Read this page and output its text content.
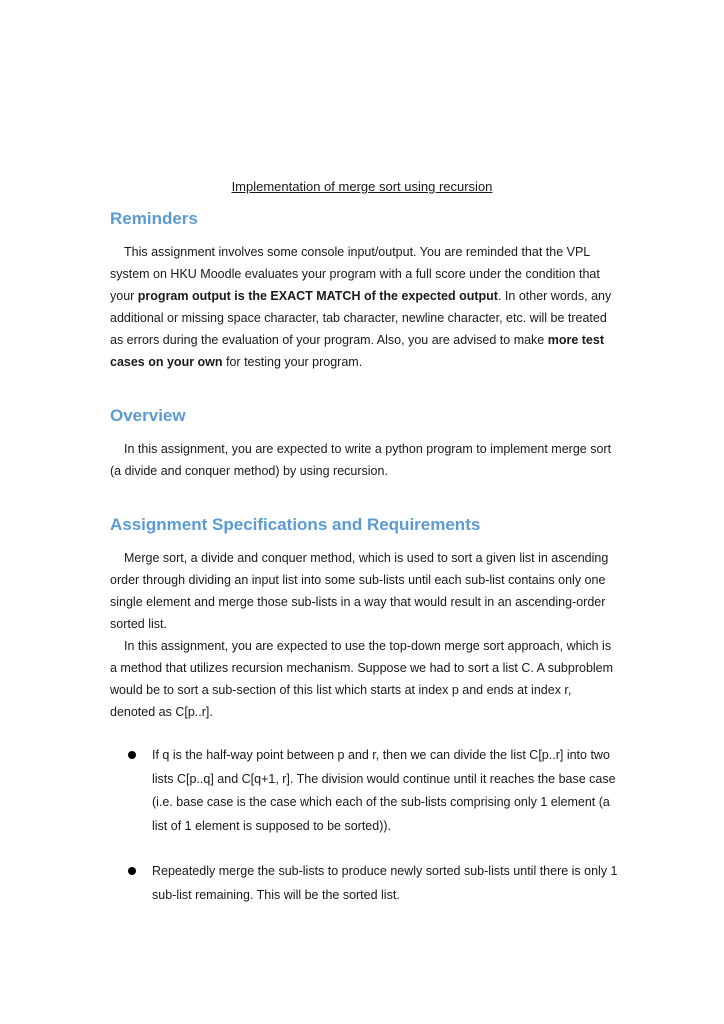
Implementation of merge sort using recursion
Reminders

This assignment involves some console input/output. You are reminded that the VPL system on HKU Moodle evaluates your program with a full score under the condition that your program output is the EXACT MATCH of the expected output. In other words, any additional or missing space character, tab character, newline character, etc. will be treated as errors during the evaluation of your program. Also, you are advised to make more test cases on your own for testing your program.

Overview

In this assignment, you are expected to write a python program to implement merge sort (a divide and conquer method) by using recursion.

Assignment Specifications and Requirements

Merge sort, a divide and conquer method, which is used to sort a given list in ascending order through dividing an input list into some sub-lists until each sub-list contains only one single element and merge those sub-lists in a way that would result in an ascending-order sorted list.

In this assignment, you are expected to use the top-down merge sort approach, which is a method that utilizes recursion mechanism. Suppose we had to sort a list C. A subproblem would be to sort a sub-section of this list which starts at index p and ends at index r, denoted as C[p..r].

If q is the half-way point between p and r, then we can divide the list C[p..r] into two lists C[p..q] and C[q+1, r]. The division would continue until it reaches the base case (i.e. base case is the case which each of the sub-lists comprising only 1 element (a list of 1 element is supposed to be sorted)).
Repeatedly merge the sub-lists to produce newly sorted sub-lists until there is only 1 sub-list remaining. This will be the sorted list.
